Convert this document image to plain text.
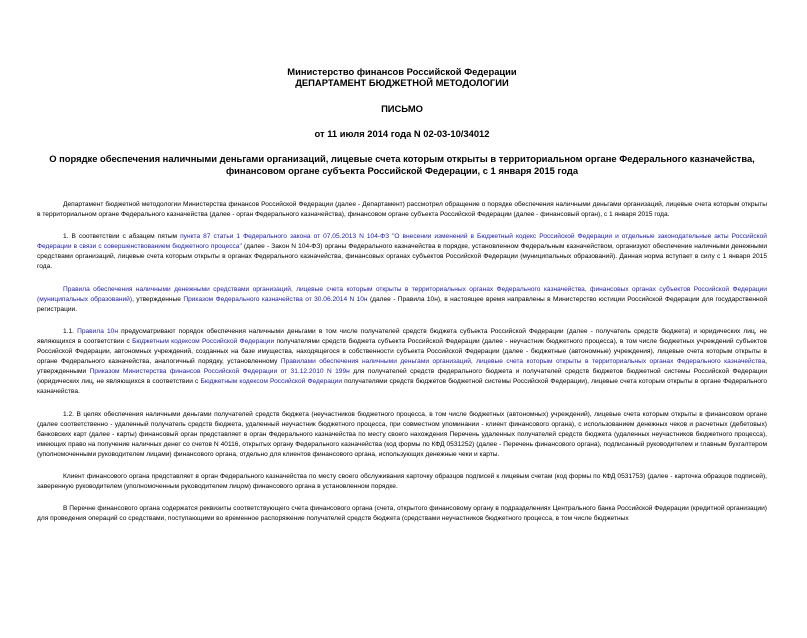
Министерство финансов Российской Федерации
ДЕПАРТАМЕНТ БЮДЖЕТНОЙ МЕТОДОЛОГИИ
ПИСЬМО
от 11 июля 2014 года N 02-03-10/34012
О порядке обеспечения наличными деньгами организаций, лицевые счета которым открыты в территориальном органе Федерального казначейства, финансовом органе субъекта Российской Федерации, с 1 января 2015 года

Департамент бюджетной методологии Министерства финансов Российской Федерации (далее - Департамент) рассмотрел обращение о порядке обеспечения наличными деньгами организаций, лицевые счета которым открыты в территориальном органе Федерального казначейства (далее - орган Федерального казначейства), финансовом органе субъекта Российской Федерации (далее - финансовый орган), с 1 января 2015 года.

1. В соответствии с абзацем пятым пункта 87 статьи 1 Федерального закона от 07.05.2013 N 104-ФЗ "О внесении изменений в Бюджетный кодекс Российской Федерации и отдельные законодательные акты Российской Федерации в связи с совершенствованием бюджетного процесса" (далее - Закон N 104-ФЗ) органы Федерального казначейства в порядке, установленном Федеральным казначейством, организуют обеспечение наличными денежными средствами организаций, лицевые счета которым открыты в органах Федерального казначейства, финансовых органах субъектов Российской Федерации (муниципальных образований). Данная норма вступает в силу с 1 января 2015 года.

Правила обеспечения наличными денежными средствами организаций, лицевые счета которым открыты в территориальных органах Федерального казначейства, финансовых органах субъектов Российской Федерации (муниципальных образований), утвержденные Приказом Федерального казначейства от 30.06.2014 N 10н (далее - Правила 10н), в настоящее время направлены в Министерство юстиции Российской Федерации для государственной регистрации.

1.1. Правила 10н предусматривают порядок обеспечения наличными деньгами в том числе получателей средств бюджета субъекта Российской Федерации (далее - получатель средств бюджета) и юридических лиц, не являющихся в соответствии с Бюджетным кодексом Российской Федерации получателями средств бюджета субъекта Российской Федерации (далее - неучастник бюджетного процесса), в том числе бюджетных учреждений субъектов Российской Федерации, автономных учреждений, созданных на базе имущества, находящегося в собственности субъекта Российской Федерации (далее - бюджетные (автономные) учреждения), лицевые счета которым открыты в органе Федерального казначейства, аналогичный порядку, установленному Правилами обеспечения наличными деньгами организаций, лицевые счета которым открыты в территориальных органах Федерального казначейства, утвержденными Приказом Министерства финансов Российской Федерации от 31.12.2010 N 199н для получателей средств федерального бюджета и получателей средств бюджетов бюджетной системы Российской Федерации (юридических лиц, не являющихся в соответствии с Бюджетным кодексом Российской Федерации получателями средств бюджетов бюджетной системы Российской Федерации), лицевые счета которым открыты в органе Федерального казначейства.

1.2. В целях обеспечения наличными деньгами получателей средств бюджета (неучастников бюджетного процесса, в том числе бюджетных (автономных) учреждений), лицевые счета которым открыты в финансовом органе (далее соответственно - удаленный получатель средств бюджета, удаленный неучастник бюджетного процесса, при совместном упоминании - клиент финансового органа), с использованием денежных чеков и расчетных (дебетовых) банковских карт (далее - карты) финансовый орган представляет в орган Федерального казначейства по месту своего нахождения Перечень удаленных получателей средств бюджета (удаленных неучастников бюджетного процесса), имеющих право на получение наличных денег со счетов N 40116, открытых органу Федерального казначейства (код формы по КФД 0531252) (далее - Перечень финансового органа), подписанный руководителем и главным бухгалтером (уполномоченными руководителем лицами) финансового органа, отдельно для клиентов финансового органа, использующих денежные чеки и карты.

Клиент финансового органа представляет в орган Федерального казначейства по месту своего обслуживания карточку образцов подписей к лицевым счетам (код формы по КФД 0531753) (далее - карточка образцов подписей), заверенную руководителем (уполномоченным руководителем лицом) финансового органа в установленном порядке.

В Перечне финансового органа содержатся реквизиты соответствующего счета финансового органа (счета, открытого финансовому органу в подразделениях Центрального банка Российской Федерации (кредитной организации) для проведения операций со средствами, поступающими во временное распоряжение получателей средств бюджета (средствами неучастников бюджетного процесса, в том числе бюджетных
